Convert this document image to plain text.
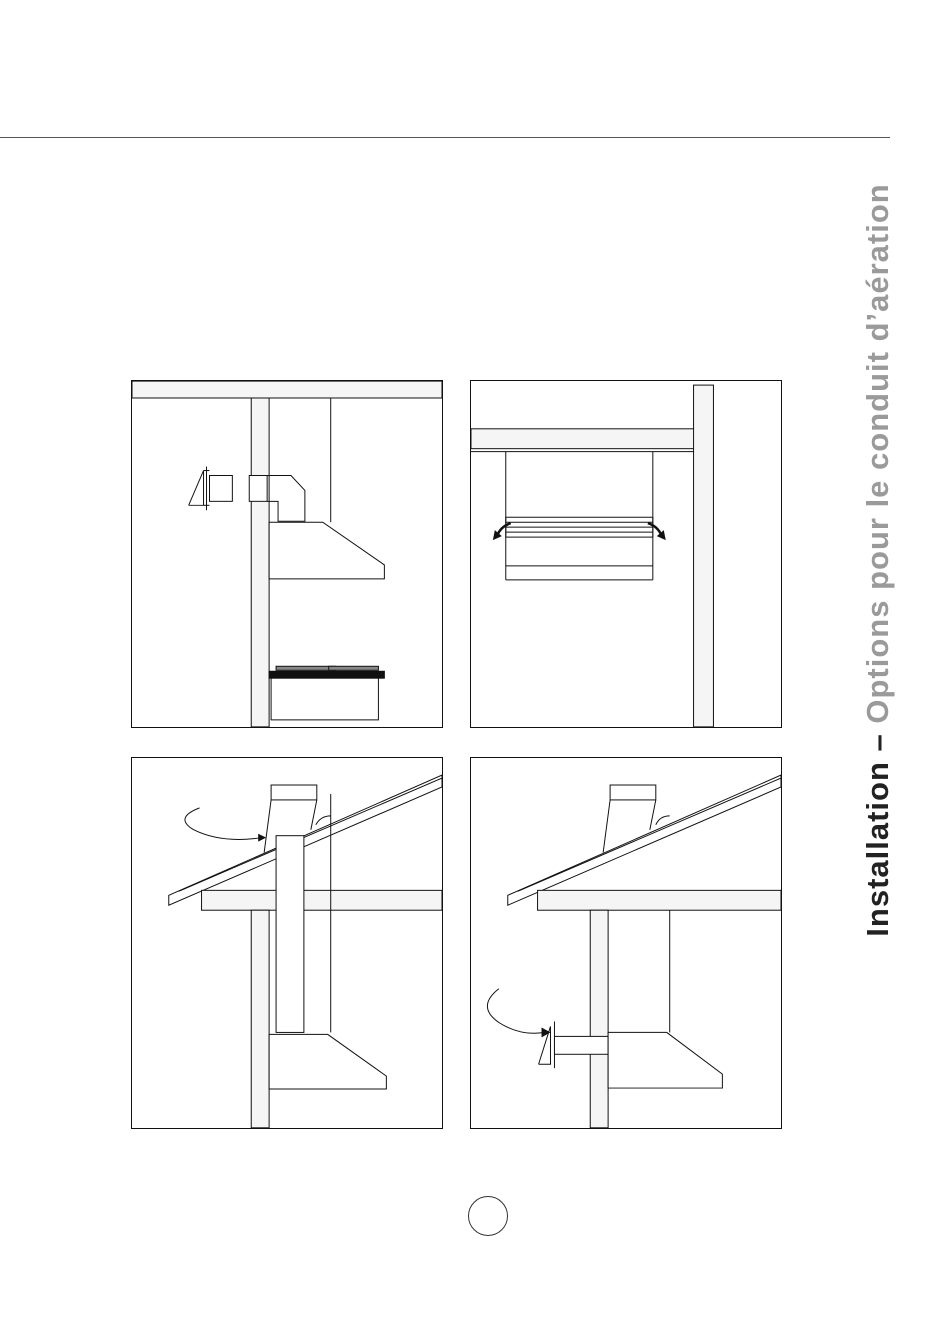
Installation – Options pour le conduit d’aération
